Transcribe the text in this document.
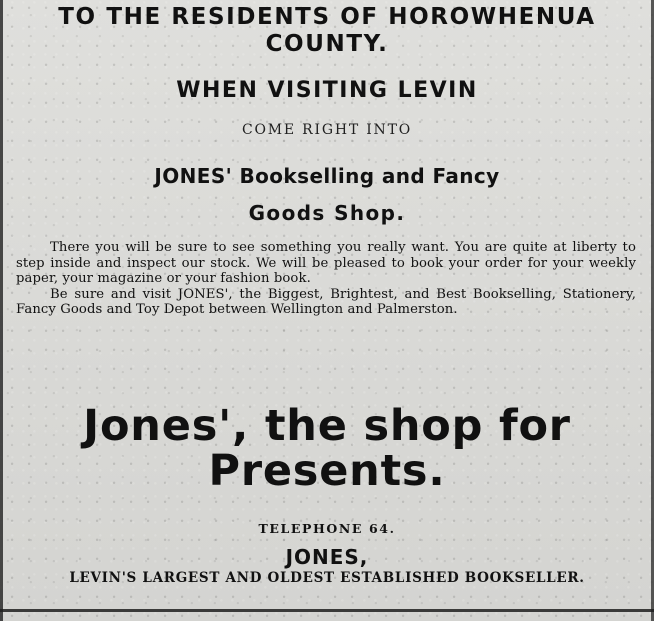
TO THE RESIDENTS OF HOROWHENUA
COUNTY.
WHEN VISITING LEVIN
COME RIGHT INTO
JONES' Bookselling and Fancy
Goods Shop.

There you will be sure to see something you really want. You are quite at liberty to step inside and inspect our stock. We will be pleased to book your order for your weekly paper, your magazine or your fashion book.

Be sure and visit JONES', the Biggest, Brightest, and Best Bookselling, Stationery, Fancy Goods and Toy Depot between Wellington and Palmerston.

Jones', the shop for
Presents.
TELEPHONE 64.
JONES,
LEVIN'S LARGEST AND OLDEST ESTABLISHED BOOKSELLER.
